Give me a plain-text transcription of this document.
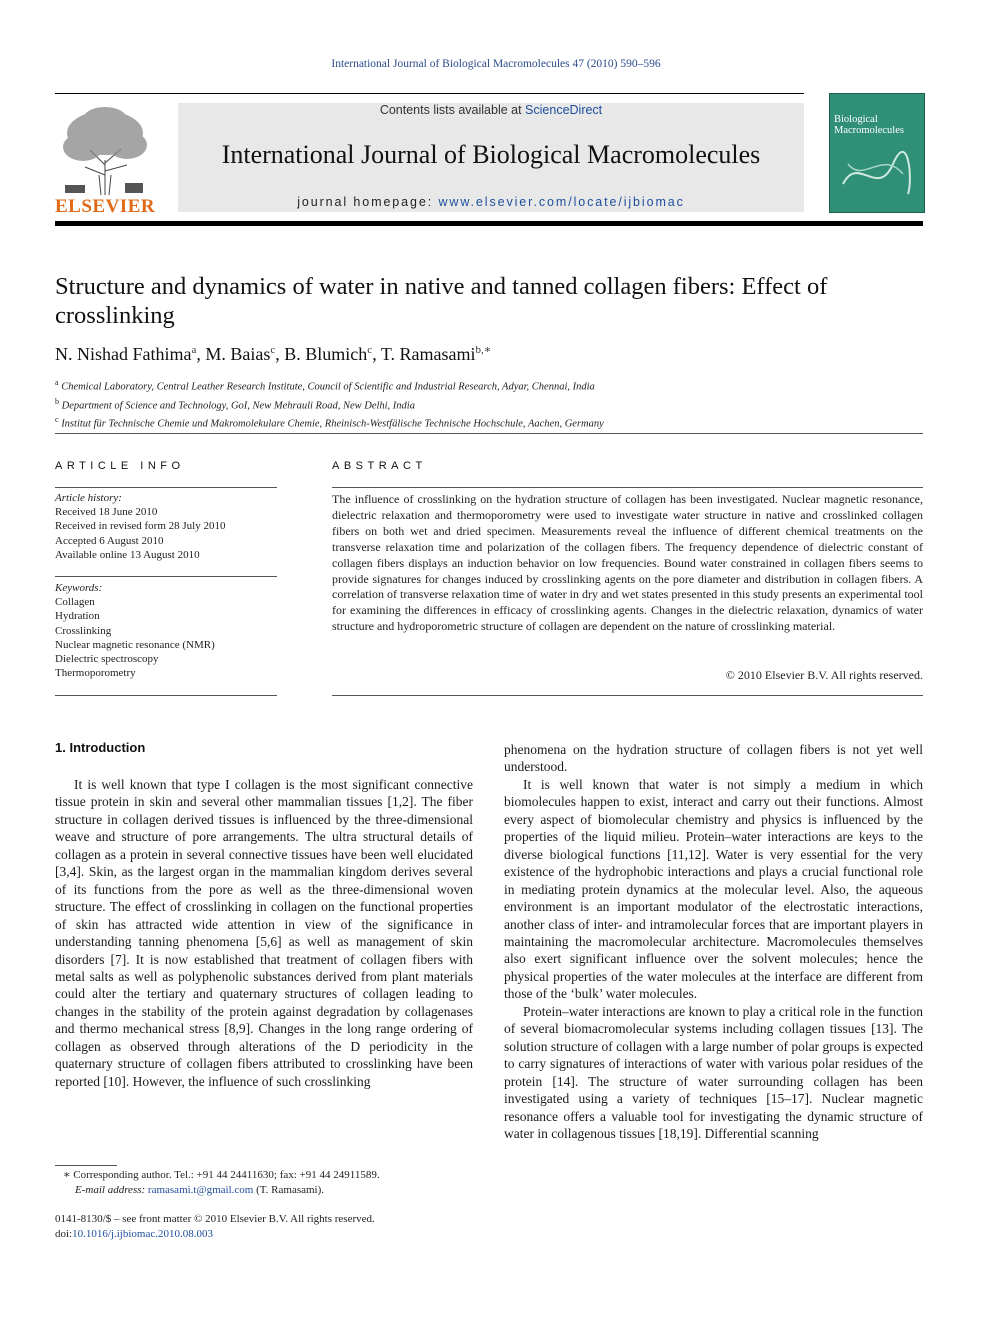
International Journal of Biological Macromolecules 47 (2010) 590–596
ELSEVIER
Contents lists available at ScienceDirect
International Journal of Biological Macromolecules
journal homepage: www.elsevier.com/locate/ijbiomac
Biological
Macromolecules
Structure and dynamics of water in native and tanned collagen fibers: Effect of crosslinking
N. Nishad Fathima$^a$, M. Baias$^c$, B. Blumich$^c$, T. Ramasami$^{b,∗}$
$^a$ Chemical Laboratory, Central Leather Research Institute, Council of Scientific and Industrial Research, Adyar, Chennai, India
$^b$ Department of Science and Technology, GoI, New Mehrauli Road, New Delhi, India
$^c$ Institut für Technische Chemie und Makromolekulare Chemie, Rheinisch-Westfälische Technische Hochschule, Aachen, Germany
ARTICLE INFO
Article history:
Received 18 June 2010
Received in revised form 28 July 2010
Accepted 6 August 2010
Available online 13 August 2010
Keywords:
Collagen
Hydration
Crosslinking
Nuclear magnetic resonance (NMR)
Dielectric spectroscopy
Thermoporometry
ABSTRACT
The influence of crosslinking on the hydration structure of collagen has been investigated. Nuclear magnetic resonance, dielectric relaxation and thermoporometry were used to investigate water structure in native and crosslinked collagen fibers on both wet and dried specimen. Measurements reveal the influence of different chemical treatments on the transverse relaxation time and polarization of the collagen fibers. The frequency dependence of dielectric constant of collagen fibers displays an induction behavior on low frequencies. Bound water constrained in collagen fibers seems to provide signatures for changes induced by crosslinking agents on the pore diameter and distribution in collagen fibers. A correlation of transverse relaxation time of water in dry and wet states presented in this study presents an experimental tool for examining the differences in efficacy of crosslinking agents. Changes in the dielectric relaxation, dynamics of water structure and hydroporometric structure of collagen are dependent on the nature of crosslinking material.
© 2010 Elsevier B.V. All rights reserved.
1. Introduction

It is well known that type I collagen is the most significant connective tissue protein in skin and several other mammalian tissues [1,2]. The fiber structure in collagen derived tissues is influenced by the three-dimensional weave and structure of pore arrangements. The ultra structural details of collagen as a protein in several connective tissues have been well elucidated [3,4]. Skin, as the largest organ in the mammalian kingdom derives several of its functions from the pore as well as the three-dimensional woven structure. The effect of crosslinking in collagen on the functional properties of skin has attracted wide attention in view of the significance in understanding tanning phenomena [5,6] as well as management of skin disorders [7]. It is now established that treatment of collagen fibers with metal salts as well as polyphenolic substances derived from plant materials could alter the tertiary and quaternary structures of collagen leading to changes in the stability of the protein against degradation by collagenases and thermo mechanical stress [8,9]. Changes in the long range ordering of collagen as observed through alterations of the D periodicity in the quaternary structure of collagen fibers attributed to crosslinking have been reported [10]. However, the influence of such crosslinking

phenomena on the hydration structure of collagen fibers is not yet well understood.

It is well known that water is not simply a medium in which biomolecules happen to exist, interact and carry out their functions. Almost every aspect of biomolecular chemistry and physics is influenced by the properties of the liquid milieu. Protein–water interactions are keys to the diverse biological functions [11,12]. Water is very essential for the very existence of the hydrophobic interactions and plays a crucial functional role in mediating protein dynamics at the molecular level. Also, the aqueous environment is an important modulator of the electrostatic interactions, another class of inter- and intramolecular forces that are important players in maintaining the macromolecular architecture. Macromolecules themselves also exert significant influence over the solvent molecules; hence the physical properties of the water molecules at the interface are different from those of the ‘bulk’ water molecules.

Protein–water interactions are known to play a critical role in the function of several biomacromolecular systems including collagen tissues [13]. The solution structure of collagen with a large number of polar groups is expected to carry signatures of interactions of water with various polar residues of the protein [14]. The structure of water surrounding collagen has been investigated using a variety of techniques [15–17]. Nuclear magnetic resonance offers a valuable tool for investigating the dynamic structure of water in collagenous tissues [18,19]. Differential scanning

∗ Corresponding author. Tel.: +91 44 24411630; fax: +91 44 24911589.
E-mail address: ramasami.t@gmail.com (T. Ramasami).
0141-8130/$ – see front matter © 2010 Elsevier B.V. All rights reserved.
doi:10.1016/j.ijbiomac.2010.08.003
